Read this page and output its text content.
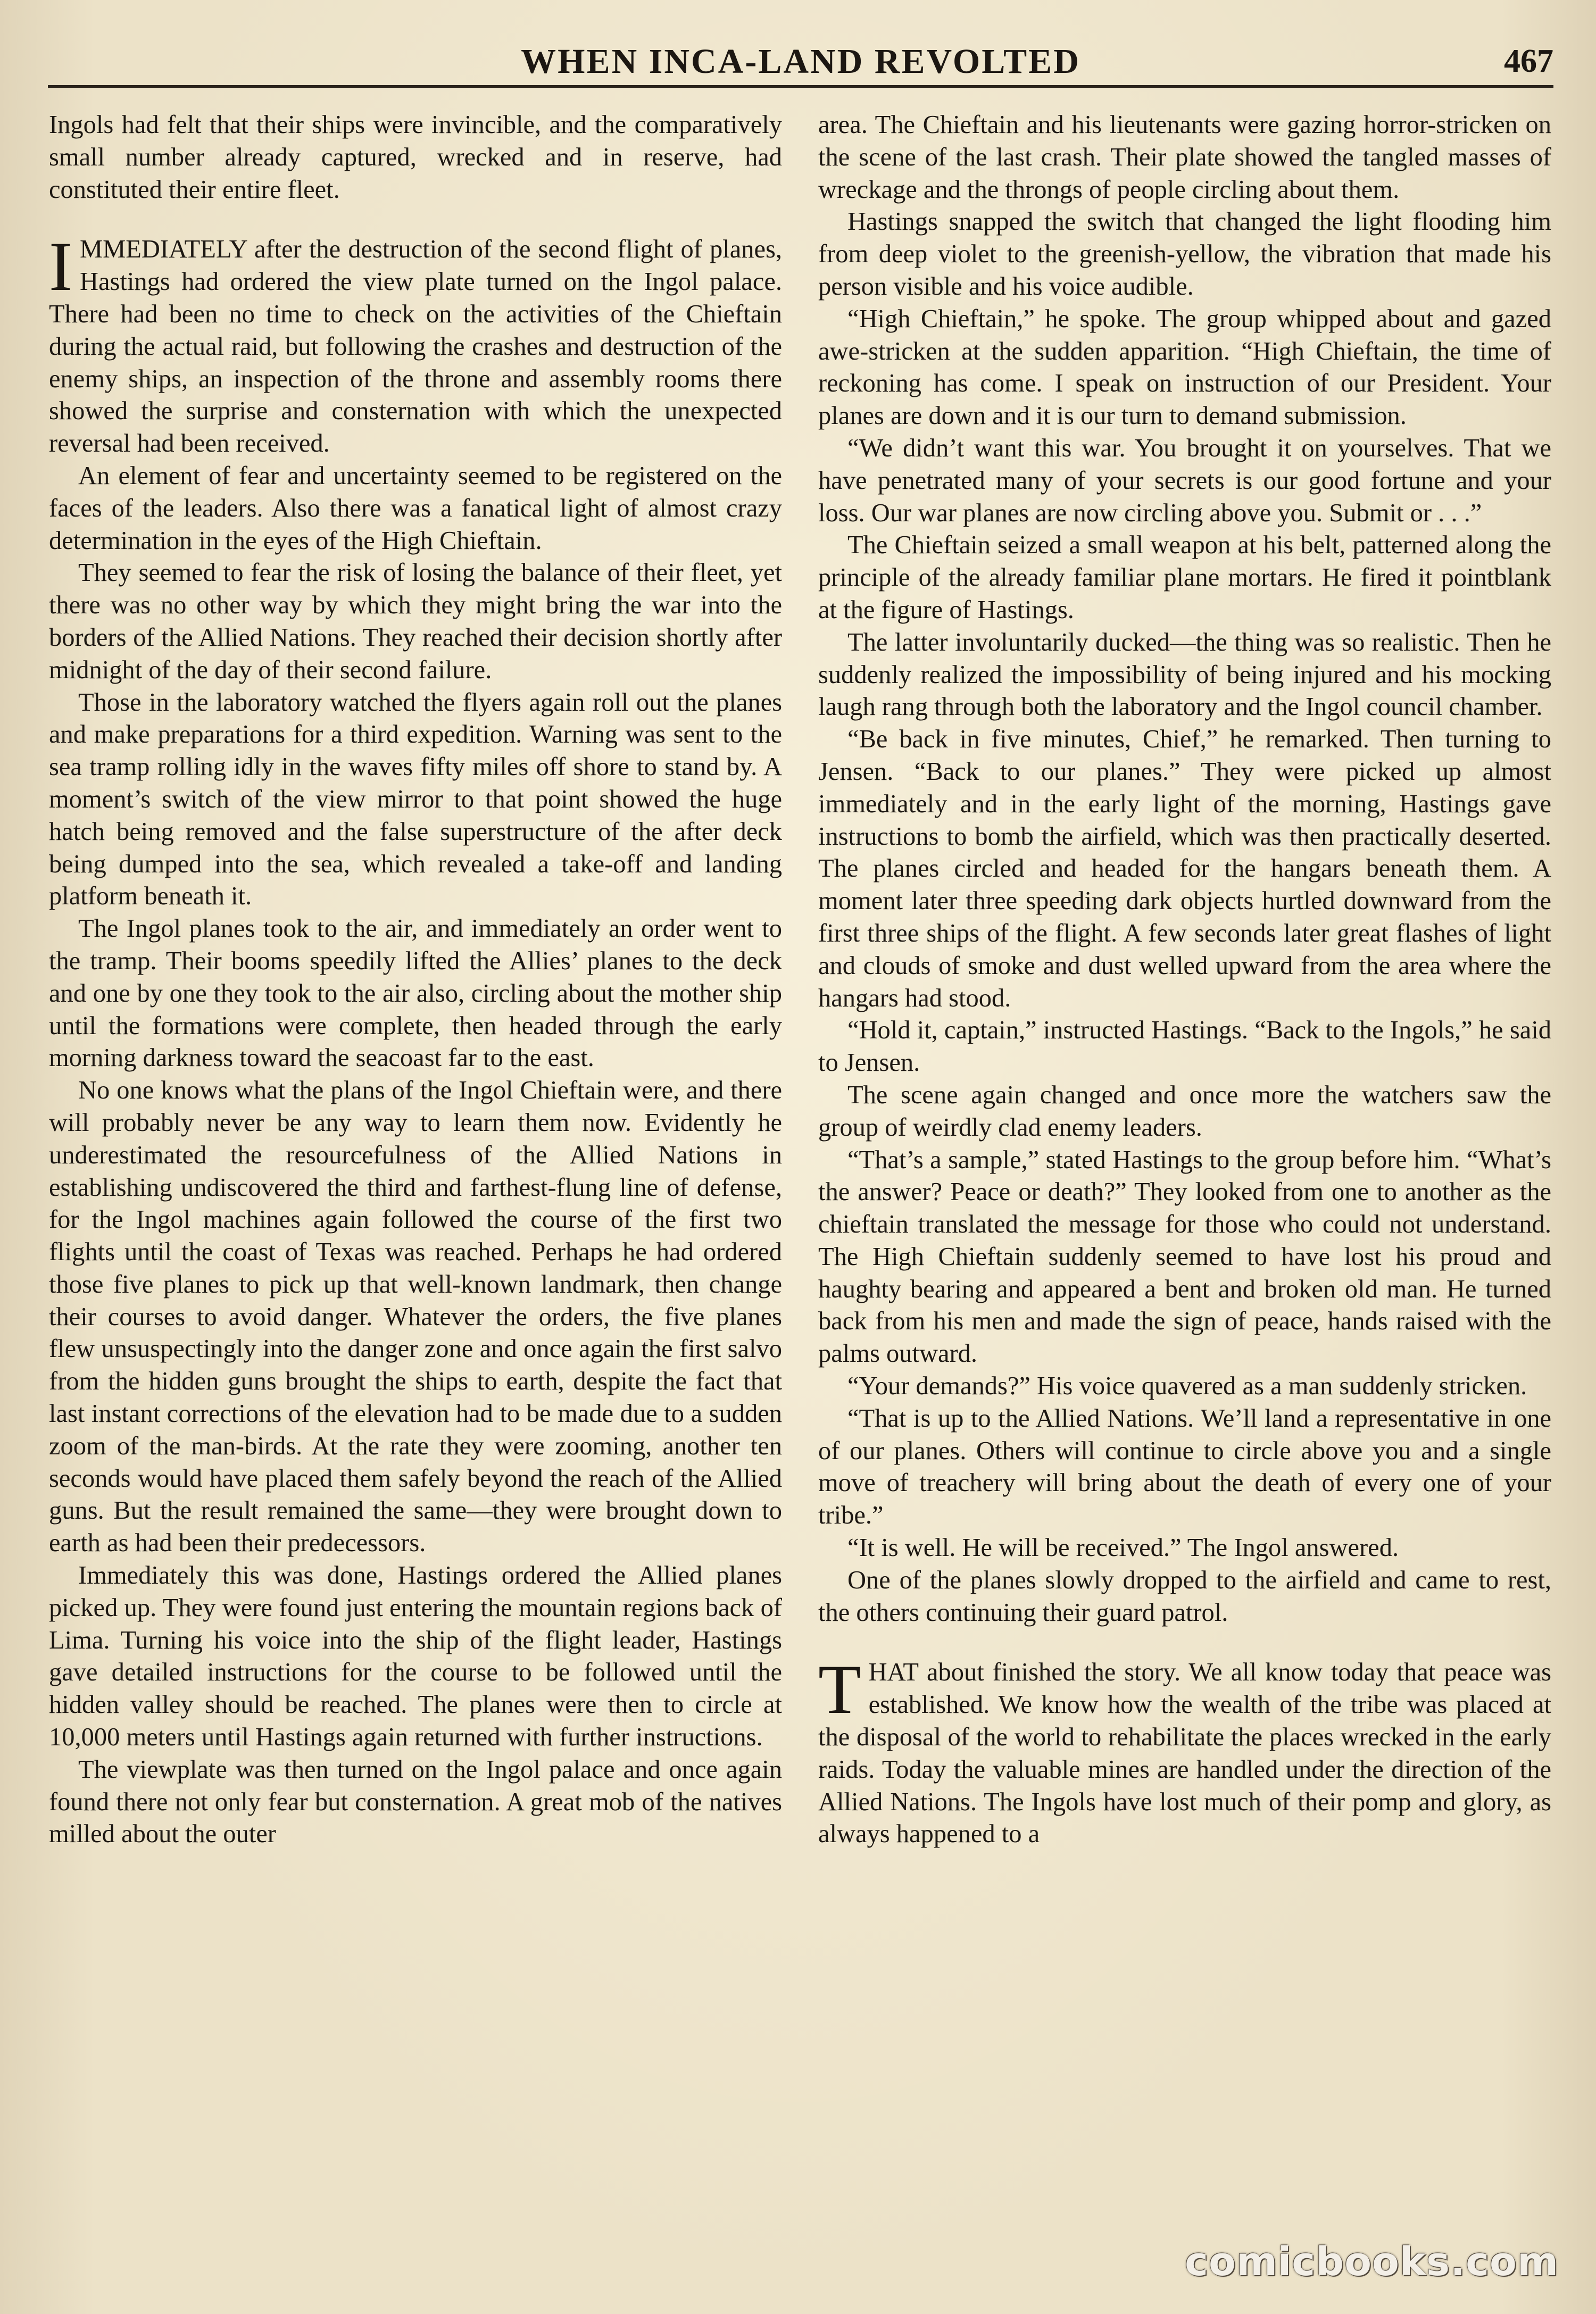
WHEN INCA-LAND REVOLTED	467

Ingols had felt that their ships were invincible, and the comparatively small number already captured, wrecked and in reserve, had constituted their entire fleet.

IMMEDIATELY after the destruction of the second flight of planes, Hastings had ordered the view plate turned on the Ingol palace. There had been no time to check on the activities of the Chieftain during the actual raid, but following the crashes and destruction of the enemy ships, an inspection of the throne and assembly rooms there showed the surprise and consternation with which the unexpected reversal had been received.

An element of fear and uncertainty seemed to be registered on the faces of the leaders. Also there was a fanatical light of almost crazy determination in the eyes of the High Chieftain.

They seemed to fear the risk of losing the balance of their fleet, yet there was no other way by which they might bring the war into the borders of the Allied Nations. They reached their decision shortly after midnight of the day of their second failure.

Those in the laboratory watched the flyers again roll out the planes and make preparations for a third expedition. Warning was sent to the sea tramp rolling idly in the waves fifty miles off shore to stand by. A moment’s switch of the view mirror to that point showed the huge hatch being removed and the false superstructure of the after deck being dumped into the sea, which revealed a take-off and landing platform beneath it.

The Ingol planes took to the air, and immediately an order went to the tramp. Their booms speedily lifted the Allies’ planes to the deck and one by one they took to the air also, circling about the mother ship until the formations were complete, then headed through the early morning darkness toward the seacoast far to the east.

No one knows what the plans of the Ingol Chieftain were, and there will probably never be any way to learn them now. Evidently he underestimated the resourcefulness of the Allied Nations in establishing undiscovered the third and farthest-flung line of defense, for the Ingol machines again followed the course of the first two flights until the coast of Texas was reached. Perhaps he had ordered those five planes to pick up that well-known landmark, then change their courses to avoid danger. Whatever the orders, the five planes flew unsuspectingly into the danger zone and once again the first salvo from the hidden guns brought the ships to earth, despite the fact that last instant corrections of the elevation had to be made due to a sudden zoom of the man-birds. At the rate they were zooming, another ten seconds would have placed them safely beyond the reach of the Allied guns. But the result remained the same—they were brought down to earth as had been their predecessors.

Immediately this was done, Hastings ordered the Allied planes picked up. They were found just entering the mountain regions back of Lima. Turning his voice into the ship of the flight leader, Hastings gave detailed instructions for the course to be followed until the hidden valley should be reached. The planes were then to circle at 10,000 meters until Hastings again returned with further instructions.

The viewplate was then turned on the Ingol palace and once again found there not only fear but consternation. A great mob of the natives milled about the outer

area. The Chieftain and his lieutenants were gazing horror-stricken on the scene of the last crash. Their plate showed the tangled masses of wreckage and the throngs of people circling about them.

Hastings snapped the switch that changed the light flooding him from deep violet to the greenish-yellow, the vibration that made his person visible and his voice audible.

“High Chieftain,” he spoke. The group whipped about and gazed awe-stricken at the sudden apparition. “High Chieftain, the time of reckoning has come. I speak on instruction of our President. Your planes are down and it is our turn to demand submission.

“We didn’t want this war. You brought it on yourselves. That we have penetrated many of your secrets is our good fortune and your loss. Our war planes are now circling above you. Submit or . . .”

The Chieftain seized a small weapon at his belt, patterned along the principle of the already familiar plane mortars. He fired it pointblank at the figure of Hastings.

The latter involuntarily ducked—the thing was so realistic. Then he suddenly realized the impossibility of being injured and his mocking laugh rang through both the laboratory and the Ingol council chamber.

“Be back in five minutes, Chief,” he remarked. Then turning to Jensen. “Back to our planes.” They were picked up almost immediately and in the early light of the morning, Hastings gave instructions to bomb the airfield, which was then practically deserted. The planes circled and headed for the hangars beneath them. A moment later three speeding dark objects hurtled downward from the first three ships of the flight. A few seconds later great flashes of light and clouds of smoke and dust welled upward from the area where the hangars had stood.

“Hold it, captain,” instructed Hastings. “Back to the Ingols,” he said to Jensen.

The scene again changed and once more the watchers saw the group of weirdly clad enemy leaders.

“That’s a sample,” stated Hastings to the group before him. “What’s the answer? Peace or death?” They looked from one to another as the chieftain translated the message for those who could not understand. The High Chieftain suddenly seemed to have lost his proud and haughty bearing and appeared a bent and broken old man. He turned back from his men and made the sign of peace, hands raised with the palms outward.

“Your demands?” His voice quavered as a man suddenly stricken.

“That is up to the Allied Nations. We’ll land a representative in one of our planes. Others will continue to circle above you and a single move of treachery will bring about the death of every one of your tribe.”

“It is well. He will be received.” The Ingol answered.

One of the planes slowly dropped to the airfield and came to rest, the others continuing their guard patrol.

THAT about finished the story. We all know today that peace was established. We know how the wealth of the tribe was placed at the disposal of the world to rehabilitate the places wrecked in the early raids. Today the valuable mines are handled under the direction of the Allied Nations. The Ingols have lost much of their pomp and glory, as always happened to a

comicbooks.com
